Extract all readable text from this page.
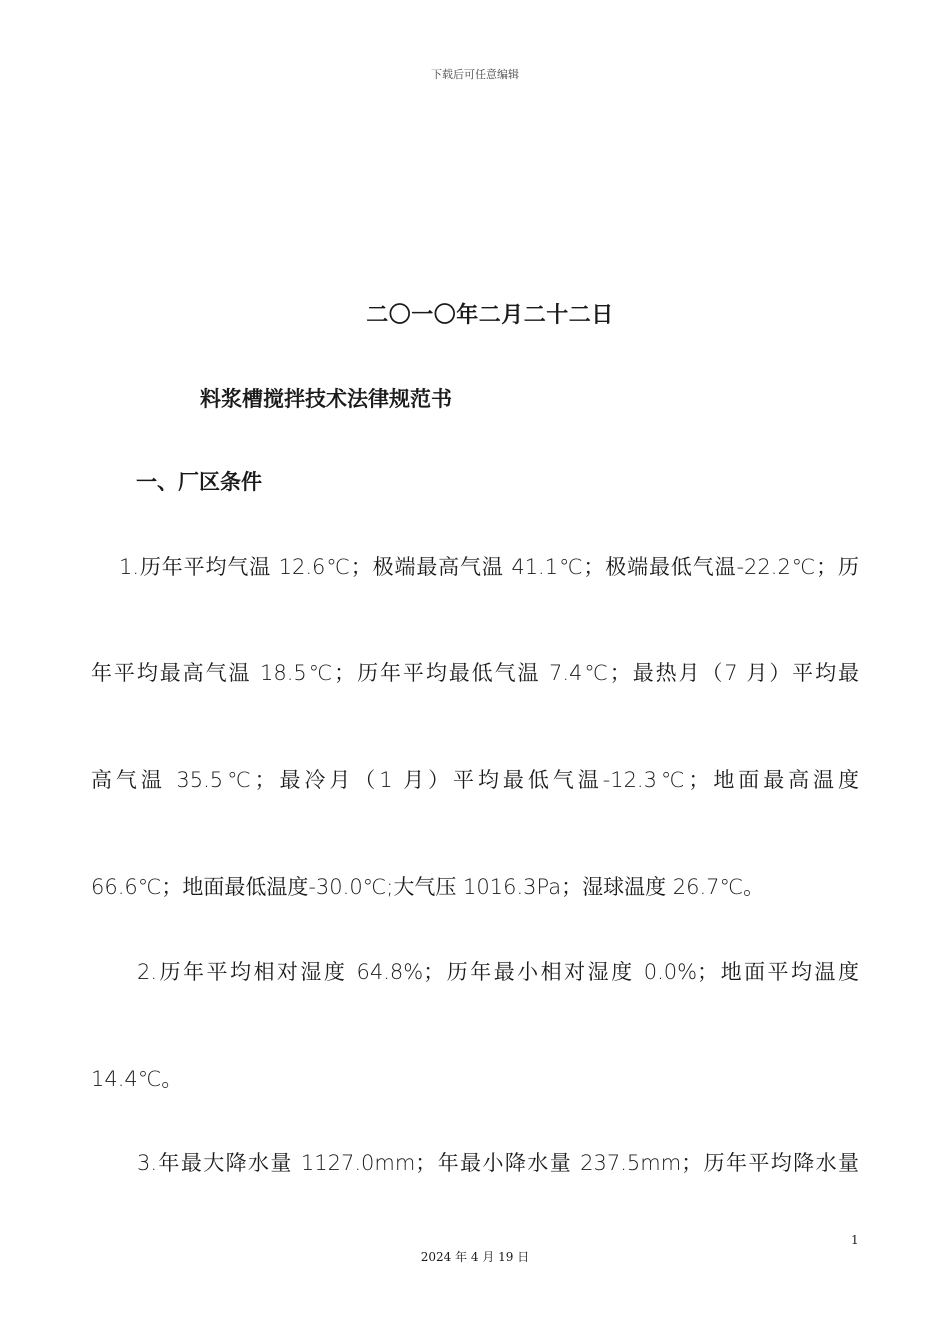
下载后可任意编辑
二〇一〇年二月二十二日
料浆槽搅拌技术法律规范书
一、厂区条件
1.历年平均气温 12.6℃；极端最高气温 41.1℃；极端最低气温-22.2℃；历
年平均最高气温 18.5℃；历年平均最低气温 7.4℃；最热月（7 月）平均最
高气温 35.5℃；最冷月（1 月）平均最低气温-12.3℃；地面最高温度
66.6℃；地面最低温度-30.0℃;大气压 1016.3Pa；湿球温度 26.7℃。
2.历年平均相对湿度 64.8%；历年最小相对湿度 0.0%；地面平均温度
14.4℃。
3.年最大降水量 1127.0mm；年最小降水量 237.5mm；历年平均降水量
1
2024 年 4 月 19 日
